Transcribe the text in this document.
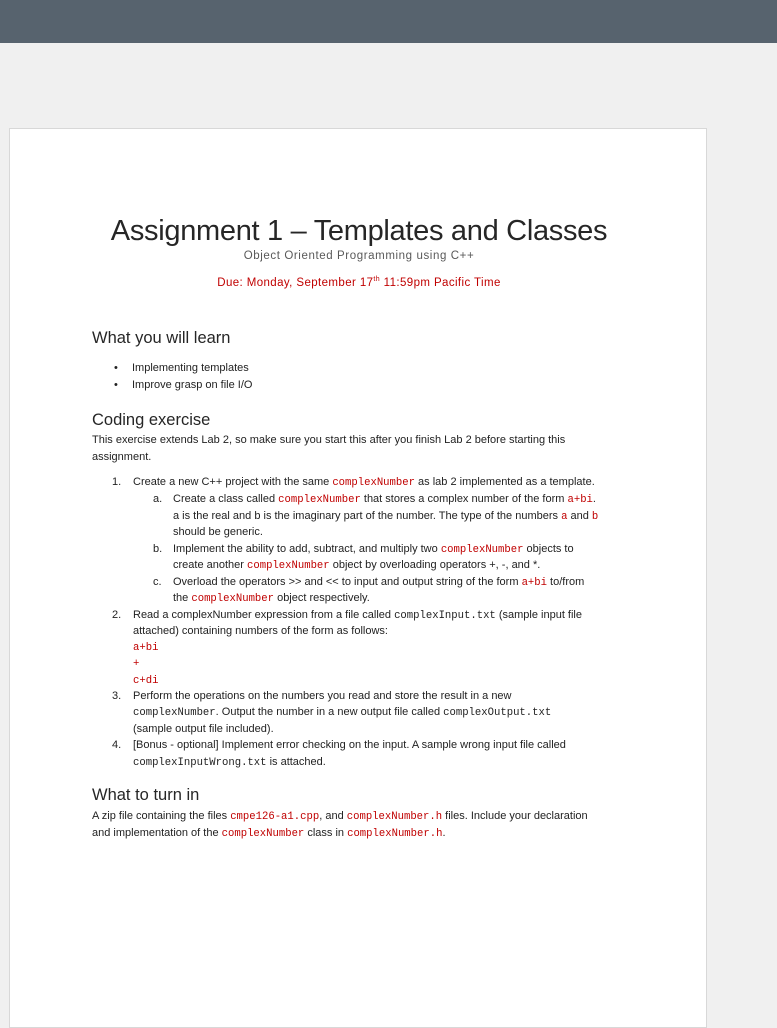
Assignment 1 – Templates and Classes
Object Oriented Programming using C++
Due: Monday, September 17th 11:59pm Pacific Time
What you will learn
• Implementing templates
• Improve grasp on file I/O
Coding exercise
This exercise extends Lab 2, so make sure you start this after you finish Lab 2 before starting this
assignment.
1. Create a new C++ project with the same complexNumber as lab 2 implemented as a template.
a. Create a class called complexNumber that stores a complex number of the form a+bi.
a is the real and b is the imaginary part of the number. The type of the numbers a and b
should be generic.
b. Implement the ability to add, subtract, and multiply two complexNumber objects to
create another complexNumber object by overloading operators +, -, and *.
c. Overload the operators >> and << to input and output string of the form a+bi to/from
the complexNumber object respectively.
2. Read a complexNumber expression from a file called complexInput.txt (sample input file
attached) containing numbers of the form as follows:
a+bi
+
c+di
3. Perform the operations on the numbers you read and store the result in a new
complexNumber. Output the number in a new output file called complexOutput.txt
(sample output file included).
4. [Bonus - optional] Implement error checking on the input. A sample wrong input file called
complexInputWrong.txt is attached.
What to turn in
A zip file containing the files cmpe126-a1.cpp, and complexNumber.h files. Include your declaration
and implementation of the complexNumber class in complexNumber.h.
